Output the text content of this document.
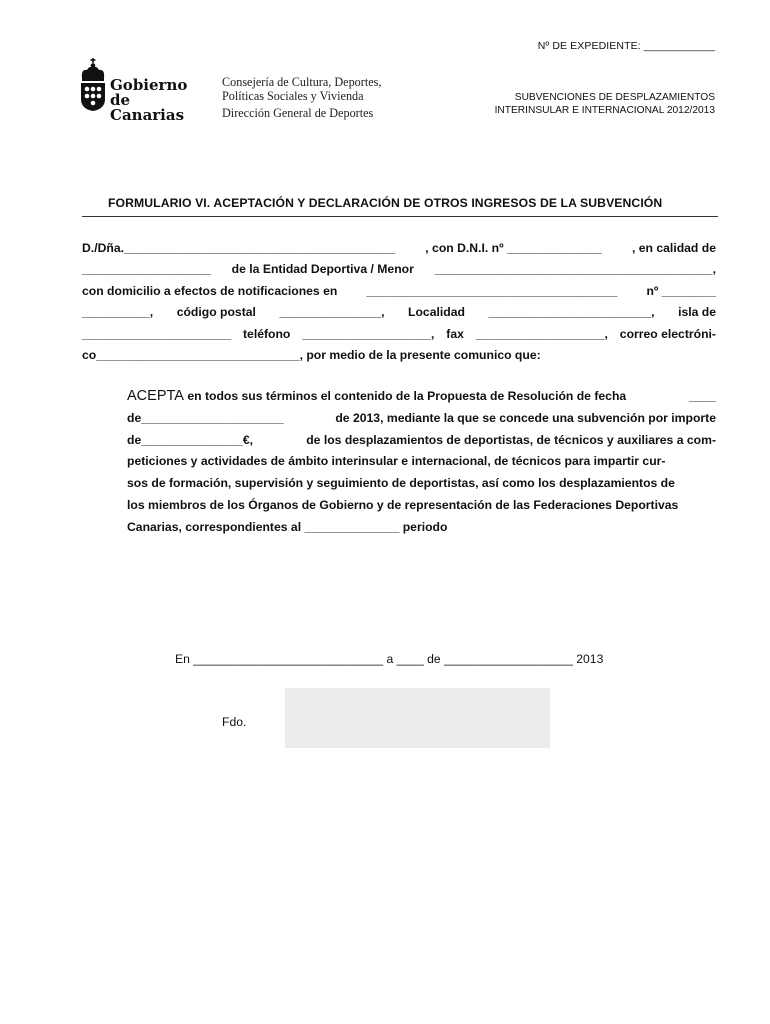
Nº DE EXPEDIENTE: ____________
Gobierno
de Canarias
Consejería de Cultura, Deportes,
Políticas Sociales y Vivienda
Dirección General de Deportes
SUBVENCIONES DE DESPLAZAMIENTOS
INTERINSULAR E INTERNACIONAL 2012/2013
FORMULARIO VI. ACEPTACIÓN Y DECLARACIÓN DE OTROS INGRESOS DE LA SUBVENCIÓN
D./Dña.________________________________________ , con D.N.I. nº ______________ , en calidad de
___________________ de la Entidad Deportiva / Menor _________________________________________,
con domicilio a efectos de notificaciones en _____________________________________ nº ________
__________, código postal _______________, Localidad ________________________, isla de
______________________ teléfono ___________________, fax ___________________, correo electróni-
co______________________________ , por medio de la presente comunico que:
ACEPTA en todos sus términos el contenido de la Propuesta de Resolución de fecha	____
de_____________________	de 2013, mediante la que se concede una subvención por importe
de_______________€,	de los desplazamientos de deportistas, de técnicos y auxiliares a com-
peticiones y actividades de ámbito interinsular e internacional, de técnicos para impartir cur-
sos de formación, supervisión y seguimiento de deportistas, así como los desplazamientos de
los miembros de los Órganos de Gobierno y de representación de las Federaciones Deportivas
Canarias, correspondientes al ______________ periodo
En ____________________________ a ____ de ___________________ 2013
Fdo.
